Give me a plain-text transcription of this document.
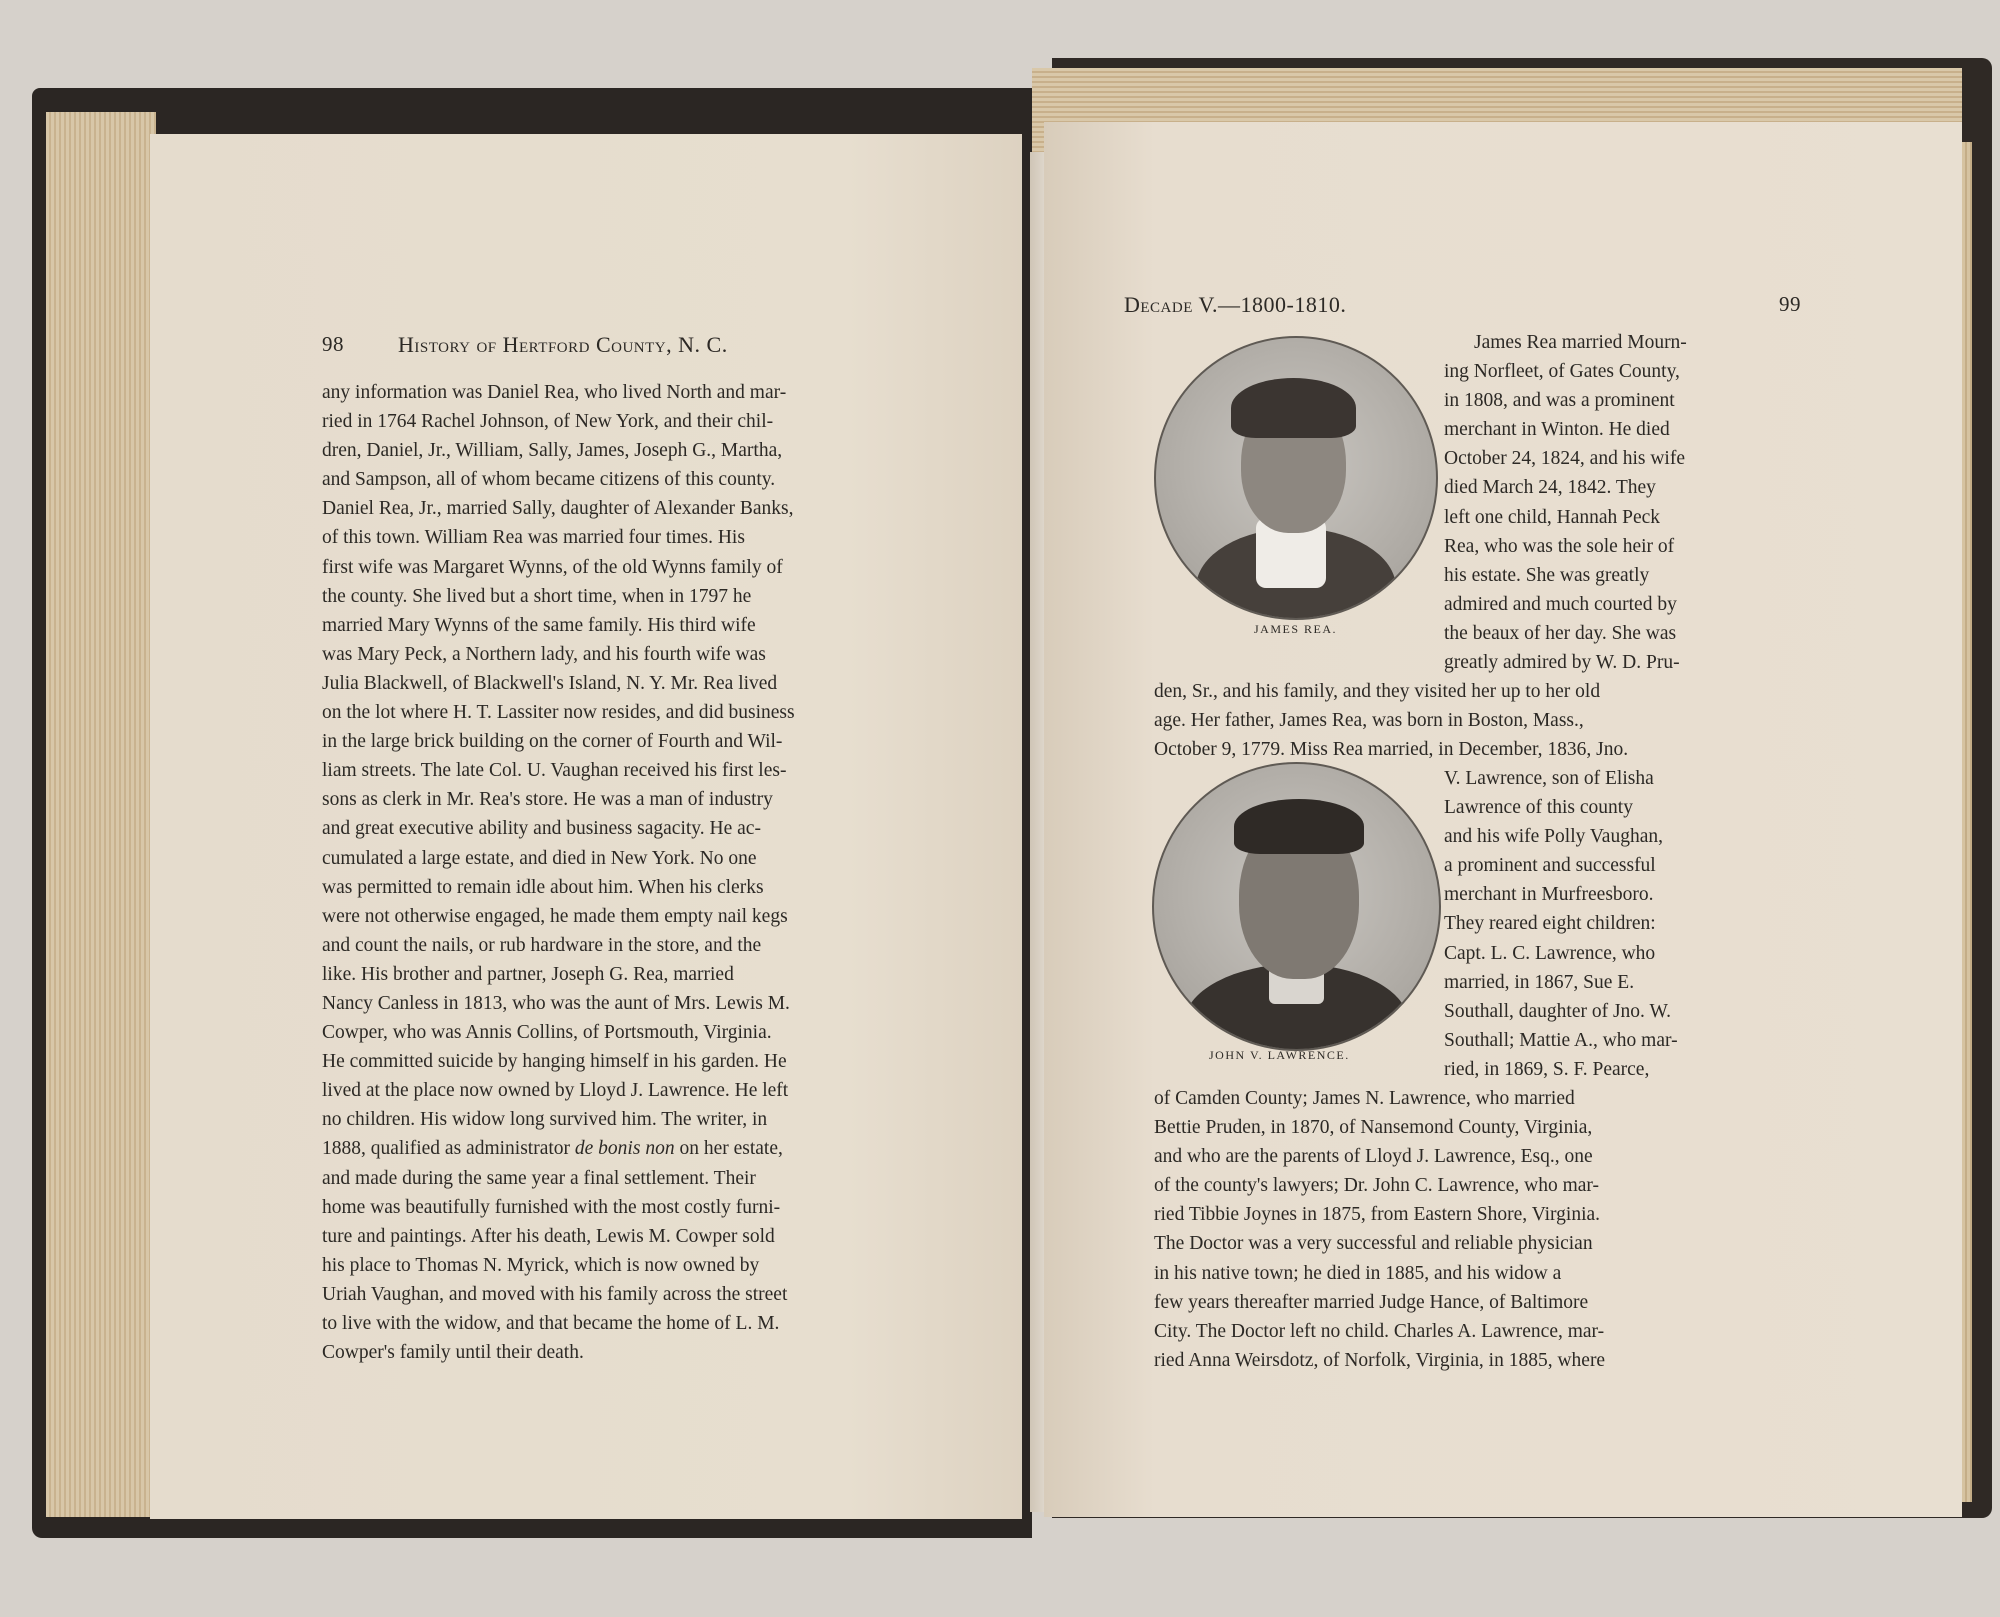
98 History of Hertford County, N. C.
any information was Daniel Rea, who lived North and mar-
ried in 1764 Rachel Johnson, of New York, and their chil-
dren, Daniel, Jr., William, Sally, James, Joseph G., Martha,
and Sampson, all of whom became citizens of this county.
Daniel Rea, Jr., married Sally, daughter of Alexander Banks,
of this town. William Rea was married four times. His
first wife was Margaret Wynns, of the old Wynns family of
the county. She lived but a short time, when in 1797 he
married Mary Wynns of the same family. His third wife
was Mary Peck, a Northern lady, and his fourth wife was
Julia Blackwell, of Blackwell's Island, N. Y. Mr. Rea lived
on the lot where H. T. Lassiter now resides, and did business
in the large brick building on the corner of Fourth and Wil-
liam streets. The late Col. U. Vaughan received his first les-
sons as clerk in Mr. Rea's store. He was a man of industry
and great executive ability and business sagacity. He ac-
cumulated a large estate, and died in New York. No one
was permitted to remain idle about him. When his clerks
were not otherwise engaged, he made them empty nail kegs
and count the nails, or rub hardware in the store, and the
like. His brother and partner, Joseph G. Rea, married
Nancy Canless in 1813, who was the aunt of Mrs. Lewis M.
Cowper, who was Annis Collins, of Portsmouth, Virginia.
He committed suicide by hanging himself in his garden. He
lived at the place now owned by Lloyd J. Lawrence. He left
no children. His widow long survived him. The writer, in
1888, qualified as administrator de bonis non on her estate,
and made during the same year a final settlement. Their
home was beautifully furnished with the most costly furni-
ture and paintings. After his death, Lewis M. Cowper sold
his place to Thomas N. Myrick, which is now owned by
Uriah Vaughan, and moved with his family across the street
to live with the widow, and that became the home of L. M.
Cowper's family until their death.
Decade V.—1800-1810.	99
JAMES REA.
James Rea married Mourn-
ing Norfleet, of Gates County,
in 1808, and was a prominent
merchant in Winton. He died
October 24, 1824, and his wife
died March 24, 1842. They
left one child, Hannah Peck
Rea, who was the sole heir of
his estate. She was greatly
admired and much courted by
the beaux of her day. She was
greatly admired by W. D. Pru-
den, Sr., and his family, and they visited her up to her old
age. Her father, James Rea, was born in Boston, Mass.,
October 9, 1779. Miss Rea married, in December, 1836, Jno.
JOHN V. LAWRENCE.
V. Lawrence, son of Elisha
Lawrence of this county
and his wife Polly Vaughan,
a prominent and successful
merchant in Murfreesboro.
They reared eight children:
Capt. L. C. Lawrence, who
married, in 1867, Sue E.
Southall, daughter of Jno. W.
Southall; Mattie A., who mar-
ried, in 1869, S. F. Pearce,
of Camden County; James N. Lawrence, who married
Bettie Pruden, in 1870, of Nansemond County, Virginia,
and who are the parents of Lloyd J. Lawrence, Esq., one
of the county's lawyers; Dr. John C. Lawrence, who mar-
ried Tibbie Joynes in 1875, from Eastern Shore, Virginia.
The Doctor was a very successful and reliable physician
in his native town; he died in 1885, and his widow a
few years thereafter married Judge Hance, of Baltimore
City. The Doctor left no child. Charles A. Lawrence, mar-
ried Anna Weirsdotz, of Norfolk, Virginia, in 1885, where
